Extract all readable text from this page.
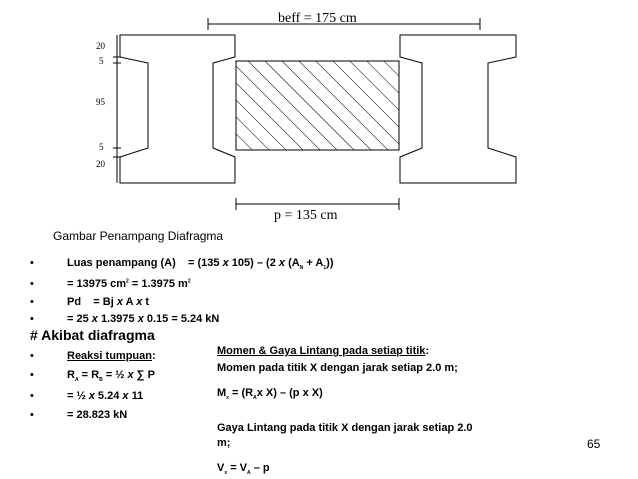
beff = 175 cm
20
5
95
5
20
p = 135 cm
Gambar Penampang Diafragma
•	Luas penampang (A) = (135 x 105) – (2 x $(A_N + A_1)$)
•	= 13975 $cm^2 = 1.3975$ $m^2$
•	Pd    = Bj x A x t
•	= 25 x 1.3975 x 0.15 = 5.24 kN
# Akibat diafragma
•	Reaksi tumpuan:
•	$R_A = R_B$ = ½ x ∑ P
•	= ½ x 5.24 x 11
•	= 28.823 kN
Momen & Gaya Lintang pada setiap titik:
Momen pada titik X dengan jarak setiap 2.0 m;
$M_x = (R_Ax$ X) – (p x X)
Gaya Lintang pada titik X dengan jarak setiap 2.0
m;
$V_x = V_A - p$
65
